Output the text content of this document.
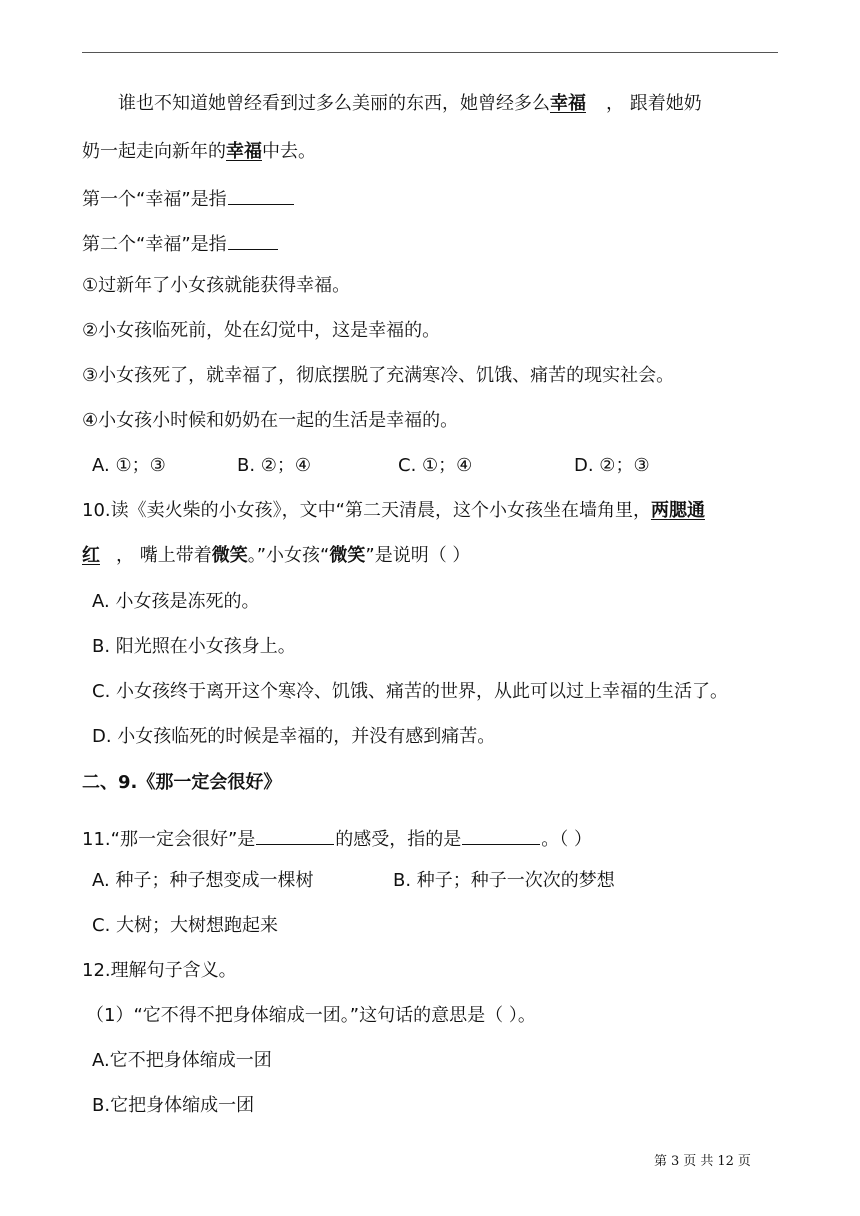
谁也不知道她曾经看到过多么美丽的东西，她曾经多么幸福 ， 跟着她奶
奶一起走向新年的幸福中去。
第一个“幸福”是指
第二个“幸福”是指
①过新年了小女孩就能获得幸福。
②小女孩临死前，处在幻觉中，这是幸福的。
③小女孩死了，就幸福了，彻底摆脱了充满寒冷、饥饿、痛苦的现实社会。
④小女孩小时候和奶奶在一起的生活是幸福的。
A. ①；③	B. ②；④	C. ①；④	D. ②；③
10.读《卖火柴的小女孩》，文中“第二天清晨，这个小女孩坐在墙角里，两腮通
红 ， 嘴上带着微笑。”小女孩“微笑”是说明（ ）
A. 小女孩是冻死的。
B. 阳光照在小女孩身上。
C. 小女孩终于离开这个寒冷、饥饿、痛苦的世界，从此可以过上幸福的生活了。
D. 小女孩临死的时候是幸福的，并没有感到痛苦。
二、9.《那一定会很好》
11.“那一定会很好”是	的感受，指的是	。（ ）
A. 种子；种子想变成一棵树	B. 种子；种子一次次的梦想
C. 大树；大树想跑起来
12.理解句子含义。
（1）“它不得不把身体缩成一团。”这句话的意思是（ ）。
A.它不把身体缩成一团
B.它把身体缩成一团
第 3 页 共 12 页
